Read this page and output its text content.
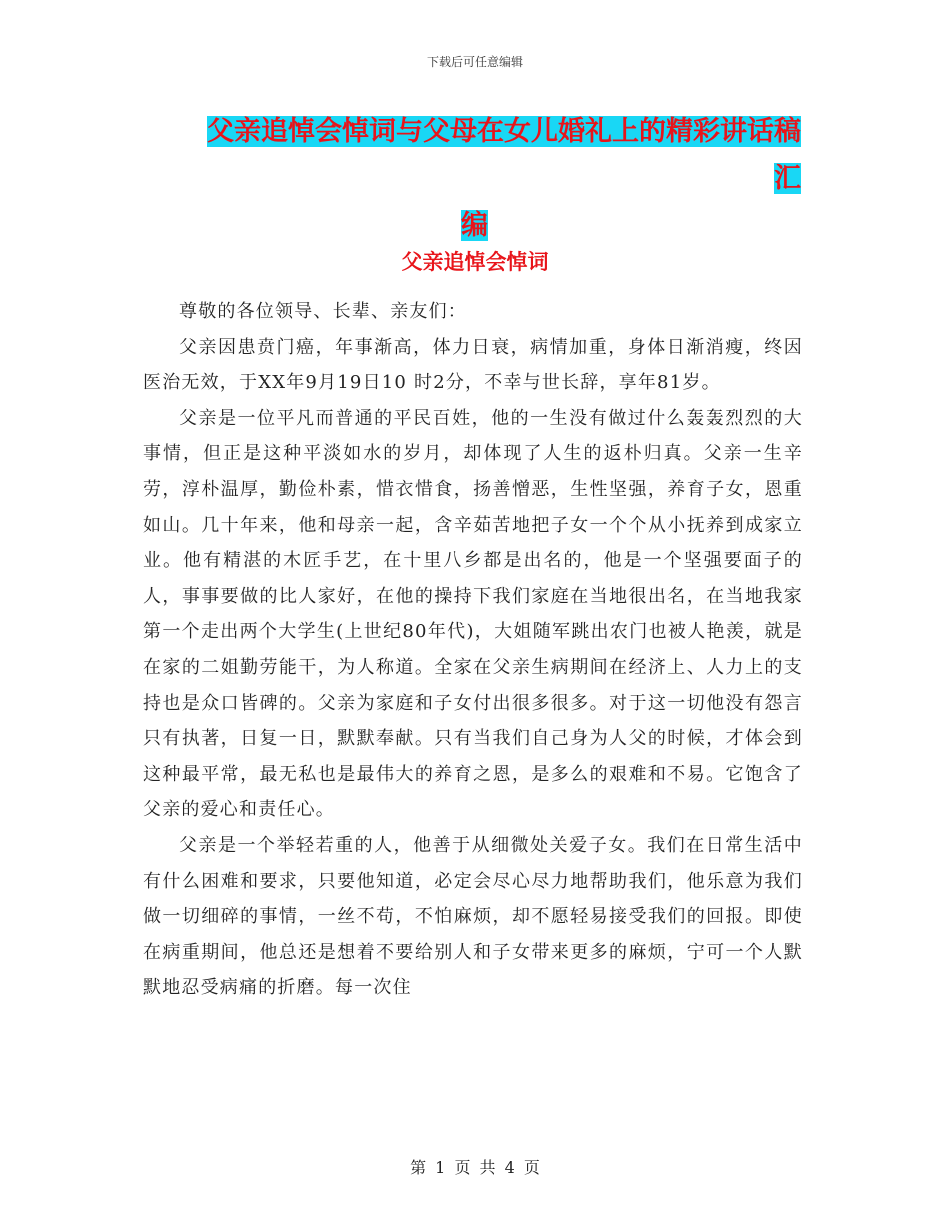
下载后可任意编辑
父亲追悼会悼词与父母在女儿婚礼上的精彩讲话稿汇
编
父亲追悼会悼词

尊敬的各位领导、长辈、亲友们：

父亲因患贲门癌，年事渐高，体力日衰，病情加重，身体日渐消瘦，终因医治无效，于XX年9月19日10 时2分，不幸与世长辞，享年81岁。

父亲是一位平凡而普通的平民百姓，他的一生没有做过什么轰轰烈烈的大事情，但正是这种平淡如水的岁月，却体现了人生的返朴归真。父亲一生辛劳，淳朴温厚，勤俭朴素，惜衣惜食，扬善憎恶，生性坚强，养育子女，恩重如山。几十年来，他和母亲一起，含辛茹苦地把子女一个个从小抚养到成家立业。他有精湛的木匠手艺，在十里八乡都是出名的，他是一个坚强要面子的人，事事要做的比人家好，在他的操持下我们家庭在当地很出名，在当地我家第一个走出两个大学生(上世纪80年代)，大姐随军跳出农门也被人艳羡，就是在家的二姐勤劳能干，为人称道。全家在父亲生病期间在经济上、人力上的支持也是众口皆碑的。父亲为家庭和子女付出很多很多。对于这一切他没有怨言只有执著，日复一日，默默奉献。只有当我们自己身为人父的时候，才体会到这种最平常，最无私也是最伟大的养育之恩，是多么的艰难和不易。它饱含了父亲的爱心和责任心。

父亲是一个举轻若重的人，他善于从细微处关爱子女。我们在日常生活中有什么困难和要求，只要他知道，必定会尽心尽力地帮助我们，他乐意为我们做一切细碎的事情，一丝不苟，不怕麻烦，却不愿轻易接受我们的回报。即使在病重期间，他总还是想着不要给别人和子女带来更多的麻烦，宁可一个人默默地忍受病痛的折磨。每一次住

第 1 页 共 4 页
